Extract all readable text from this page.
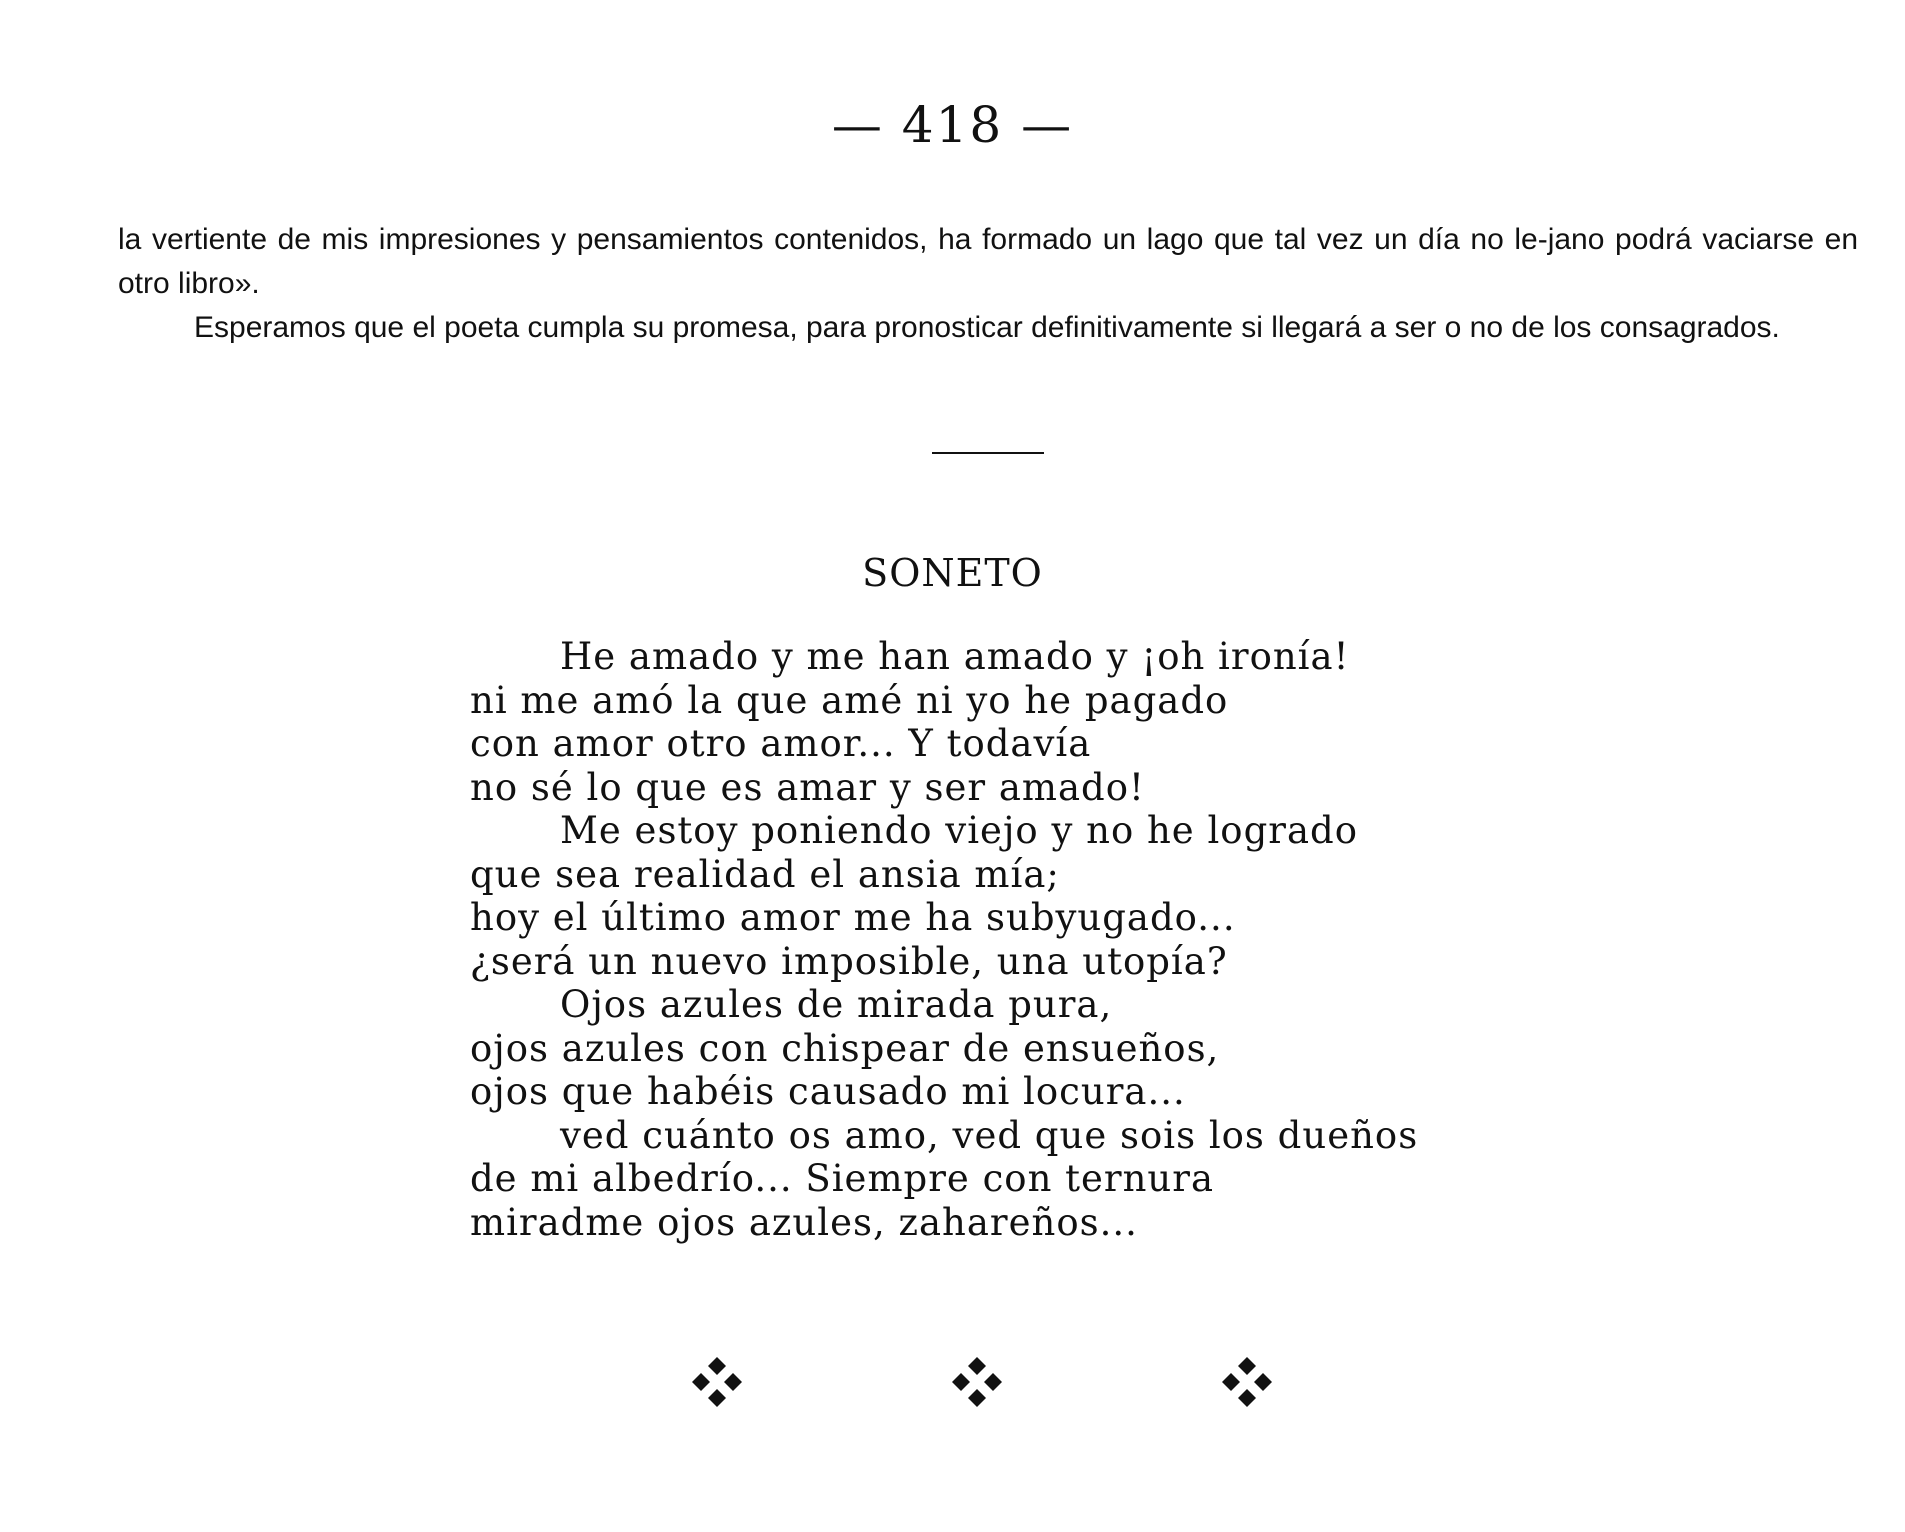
— 418 —

la vertiente de mis impresiones y pensamientos contenidos, ha formado un lago que tal vez un día no le-jano podrá vaciarse en otro libro».

Esperamos que el poeta cumpla su promesa, para pronosticar definitivamente si llegará a ser o no de los consagrados.

SONETO
He amado y me han amado y ¡oh ironía!
ni me amó la que amé ni yo he pagado
con amor otro amor... Y todavía
no sé lo que es amar y ser amado!
Me estoy poniendo viejo y no he logrado
que sea realidad el ansia mía;
hoy el último amor me ha subyugado...
¿será un nuevo imposible, una utopía?
Ojos azules de mirada pura,
ojos azules con chispear de ensueños,
ojos que habéis causado mi locura...
ved cuánto os amo, ved que sois los dueños
de mi albedrío... Siempre con ternura
miradme ojos azules, zahareños...
